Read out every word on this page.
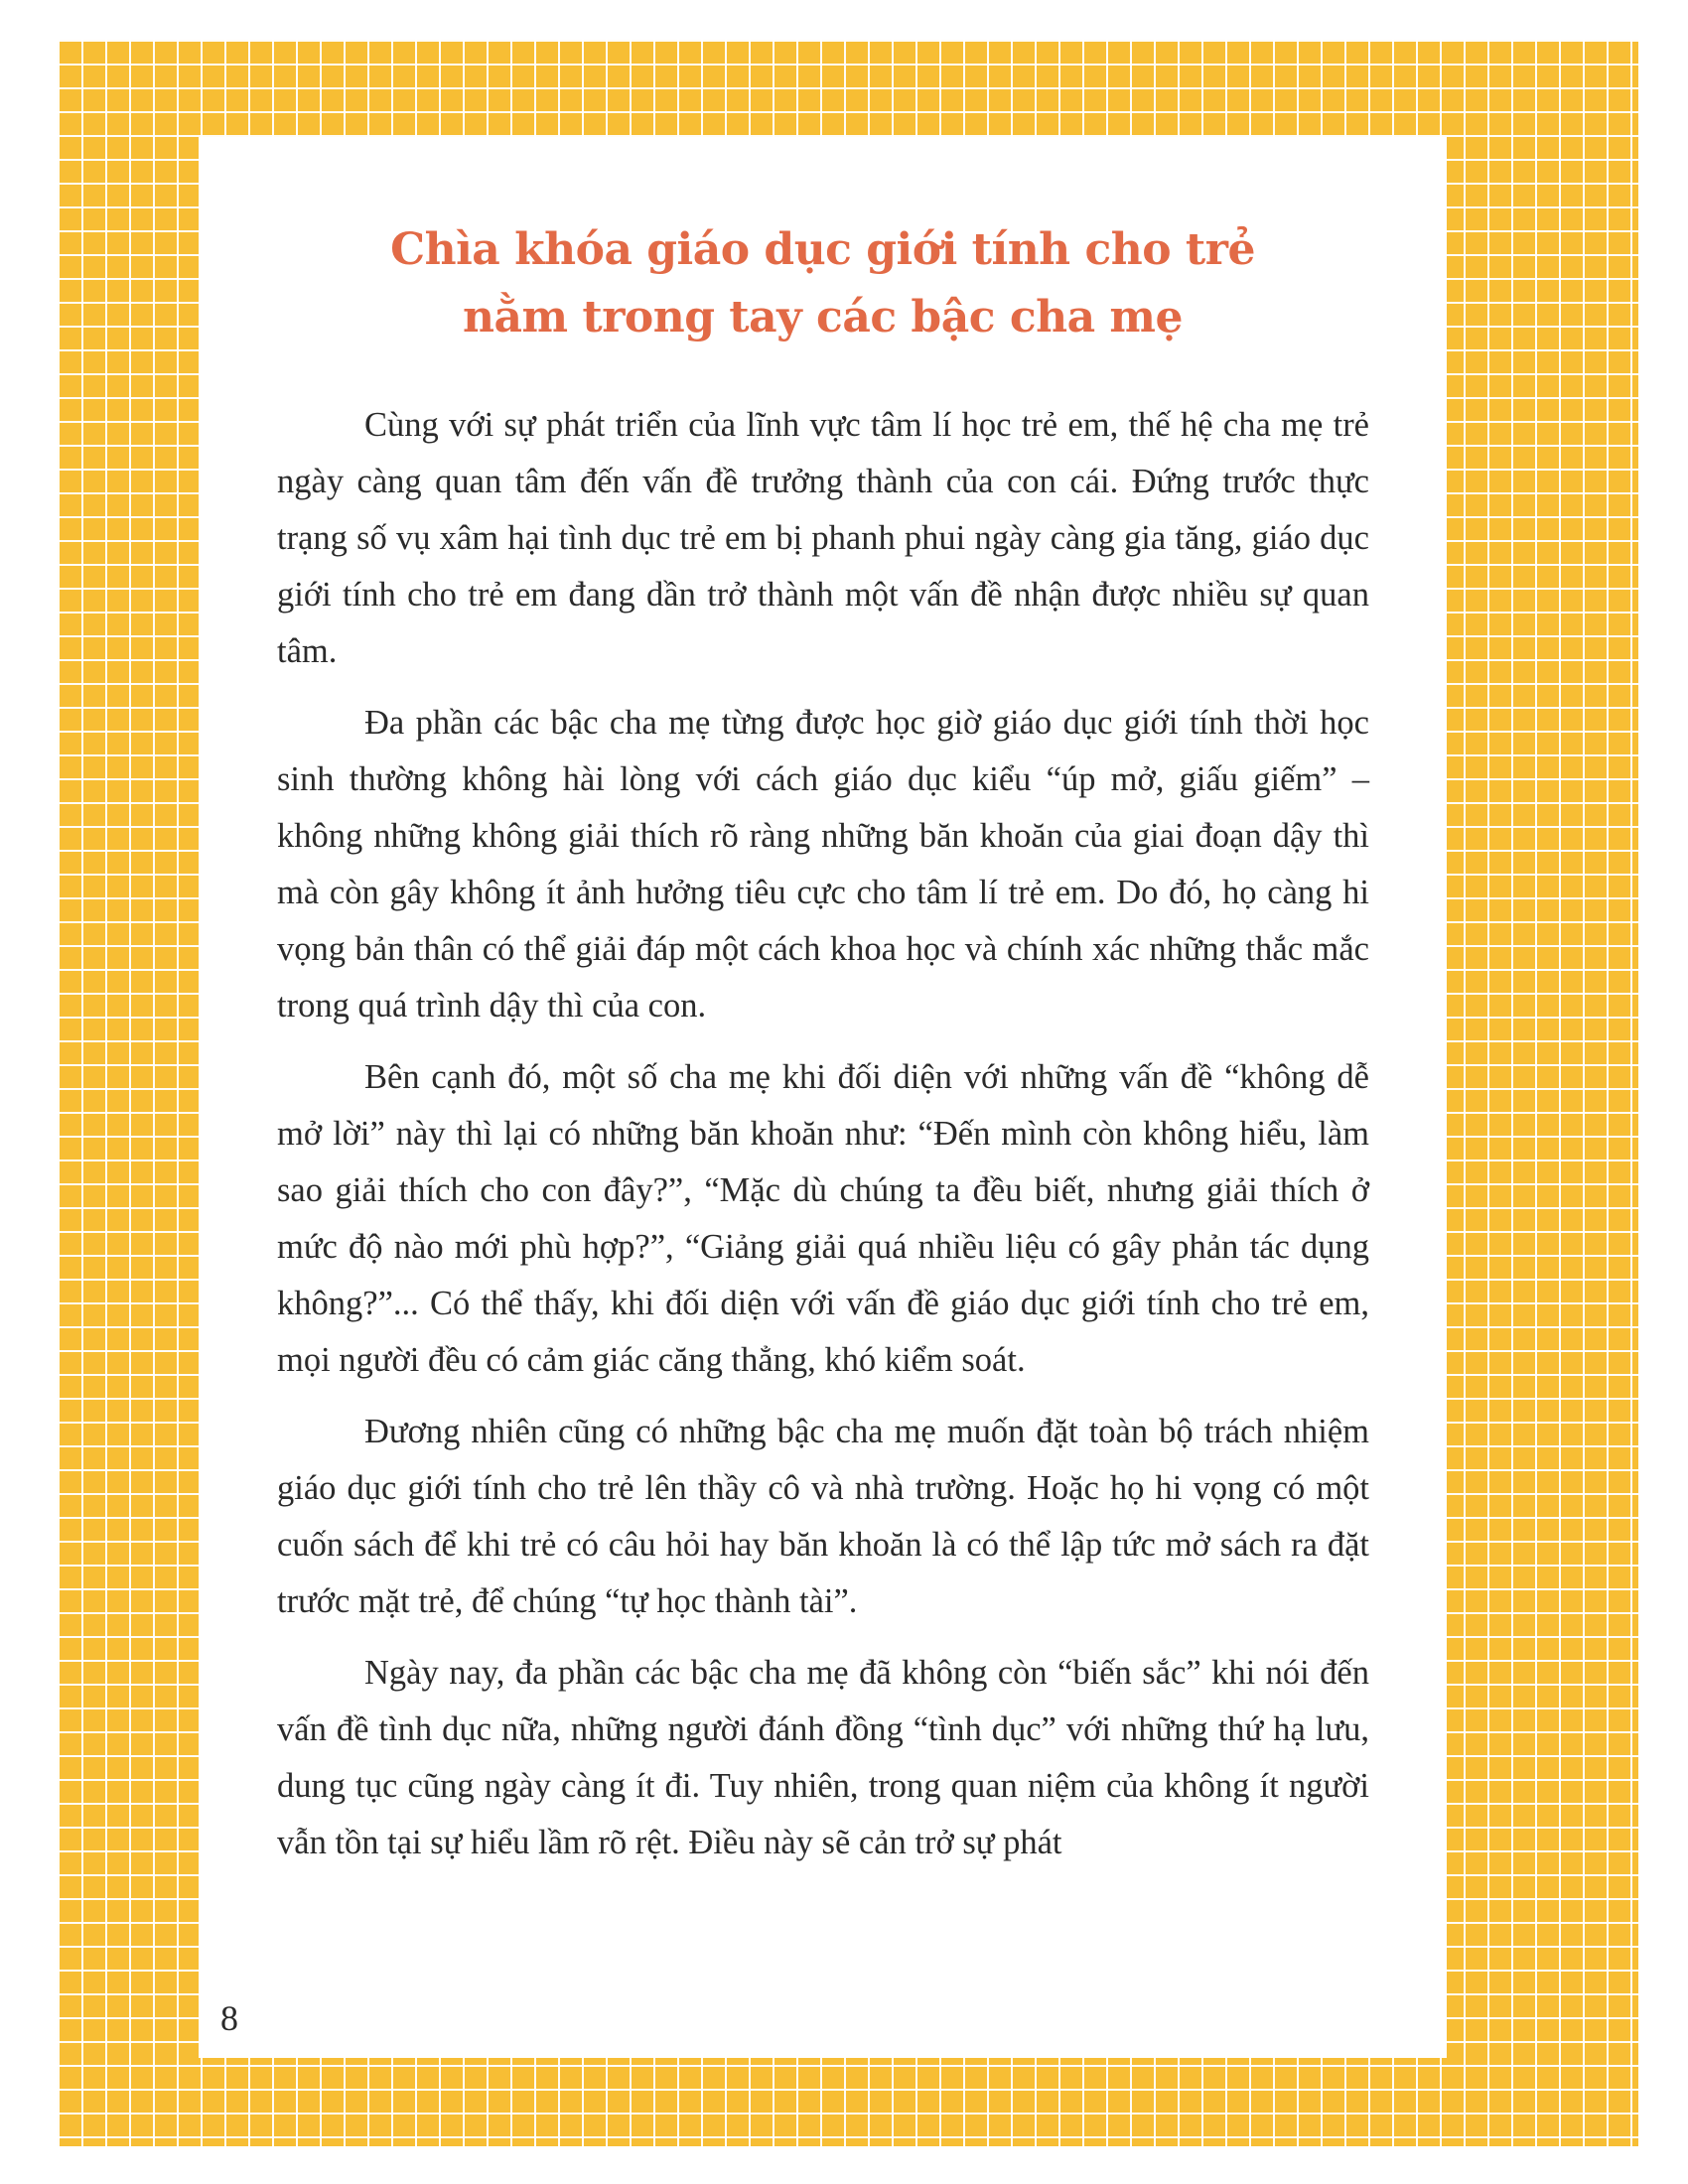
Chìa khóa giáo dục giới tính cho trẻ
nằm trong tay các bậc cha mẹ

Cùng với sự phát triển của lĩnh vực tâm lí học trẻ em, thế hệ cha mẹ trẻ ngày càng quan tâm đến vấn đề trưởng thành của con cái. Đứng trước thực trạng số vụ xâm hại tình dục trẻ em bị phanh phui ngày càng gia tăng, giáo dục giới tính cho trẻ em đang dần trở thành một vấn đề nhận được nhiều sự quan tâm.

Đa phần các bậc cha mẹ từng được học giờ giáo dục giới tính thời học sinh thường không hài lòng với cách giáo dục kiểu “úp mở, giấu giếm” – không những không giải thích rõ ràng những băn khoăn của giai đoạn dậy thì mà còn gây không ít ảnh hưởng tiêu cực cho tâm lí trẻ em. Do đó, họ càng hi vọng bản thân có thể giải đáp một cách khoa học và chính xác những thắc mắc trong quá trình dậy thì của con.

Bên cạnh đó, một số cha mẹ khi đối diện với những vấn đề “không dễ mở lời” này thì lại có những băn khoăn như: “Đến mình còn không hiểu, làm sao giải thích cho con đây?”, “Mặc dù chúng ta đều biết, nhưng giải thích ở mức độ nào mới phù hợp?”, “Giảng giải quá nhiều liệu có gây phản tác dụng không?”... Có thể thấy, khi đối diện với vấn đề giáo dục giới tính cho trẻ em, mọi người đều có cảm giác căng thẳng, khó kiểm soát.

Đương nhiên cũng có những bậc cha mẹ muốn đặt toàn bộ trách nhiệm giáo dục giới tính cho trẻ lên thầy cô và nhà trường. Hoặc họ hi vọng có một cuốn sách để khi trẻ có câu hỏi hay băn khoăn là có thể lập tức mở sách ra đặt trước mặt trẻ, để chúng “tự học thành tài”.

Ngày nay, đa phần các bậc cha mẹ đã không còn “biến sắc” khi nói đến vấn đề tình dục nữa, những người đánh đồng “tình dục” với những thứ hạ lưu, dung tục cũng ngày càng ít đi. Tuy nhiên, trong quan niệm của không ít người vẫn tồn tại sự hiểu lầm rõ rệt. Điều này sẽ cản trở sự phát

8
